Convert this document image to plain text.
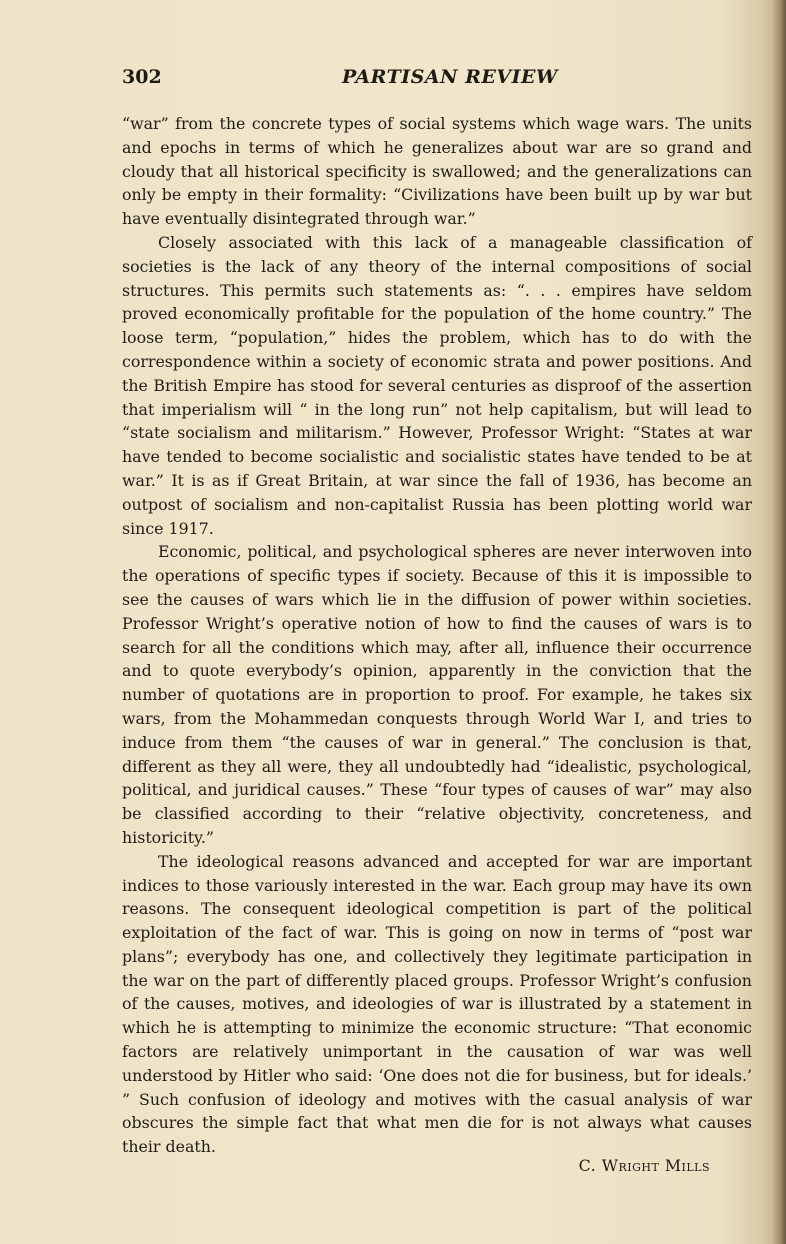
302	PARTISAN REVIEW

“war” from the concrete types of social systems which wage wars. The units and epochs in terms of which he generalizes about war are so grand and cloudy that all historical specificity is swallowed; and the generalizations can only be empty in their formality: “Civilizations have been built up by war but have eventually disintegrated through war.”

Closely associated with this lack of a manageable classification of societies is the lack of any theory of the internal compositions of social structures. This permits such statements as: “. . . empires have seldom proved economically profitable for the population of the home country.” The loose term, “population,” hides the problem, which has to do with the correspondence within a society of economic strata and power positions. And the British Empire has stood for several centuries as disproof of the assertion that imperialism will “ in the long run” not help capitalism, but will lead to “state socialism and militarism.” However, Professor Wright: “States at war have tended to become socialistic and socialistic states have tended to be at war.” It is as if Great Britain, at war since the fall of 1936, has become an outpost of socialism and non-capitalist Russia has been plotting world war since 1917.

Economic, political, and psychological spheres are never interwoven into the operations of specific types if society. Because of this it is impossible to see the causes of wars which lie in the diffusion of power within societies. Professor Wright’s operative notion of how to find the causes of wars is to search for all the conditions which may, after all, influence their occurrence and to quote everybody’s opinion, apparently in the conviction that the number of quotations are in proportion to proof. For example, he takes six wars, from the Mohammedan conquests through World War I, and tries to induce from them “the causes of war in general.” The conclusion is that, different as they all were, they all undoubtedly had “idealistic, psychological, political, and juridical causes.” These “four types of causes of war” may also be classified according to their “relative objectivity, concreteness, and historicity.”

The ideological reasons advanced and accepted for war are important indices to those variously interested in the war. Each group may have its own reasons. The consequent ideological competition is part of the political exploitation of the fact of war. This is going on now in terms of “post war plans”; everybody has one, and collectively they legitimate participation in the war on the part of differently placed groups. Professor Wright’s confusion of the causes, motives, and ideologies of war is illustrated by a statement in which he is attempting to minimize the economic structure: “That economic factors are relatively unimportant in the causation of war was well understood by Hitler who said: ‘One does not die for business, but for ideals.’ ” Such confusion of ideology and motives with the casual analysis of war obscures the simple fact that what men die for is not always what causes their death.

C. Wright Mills
